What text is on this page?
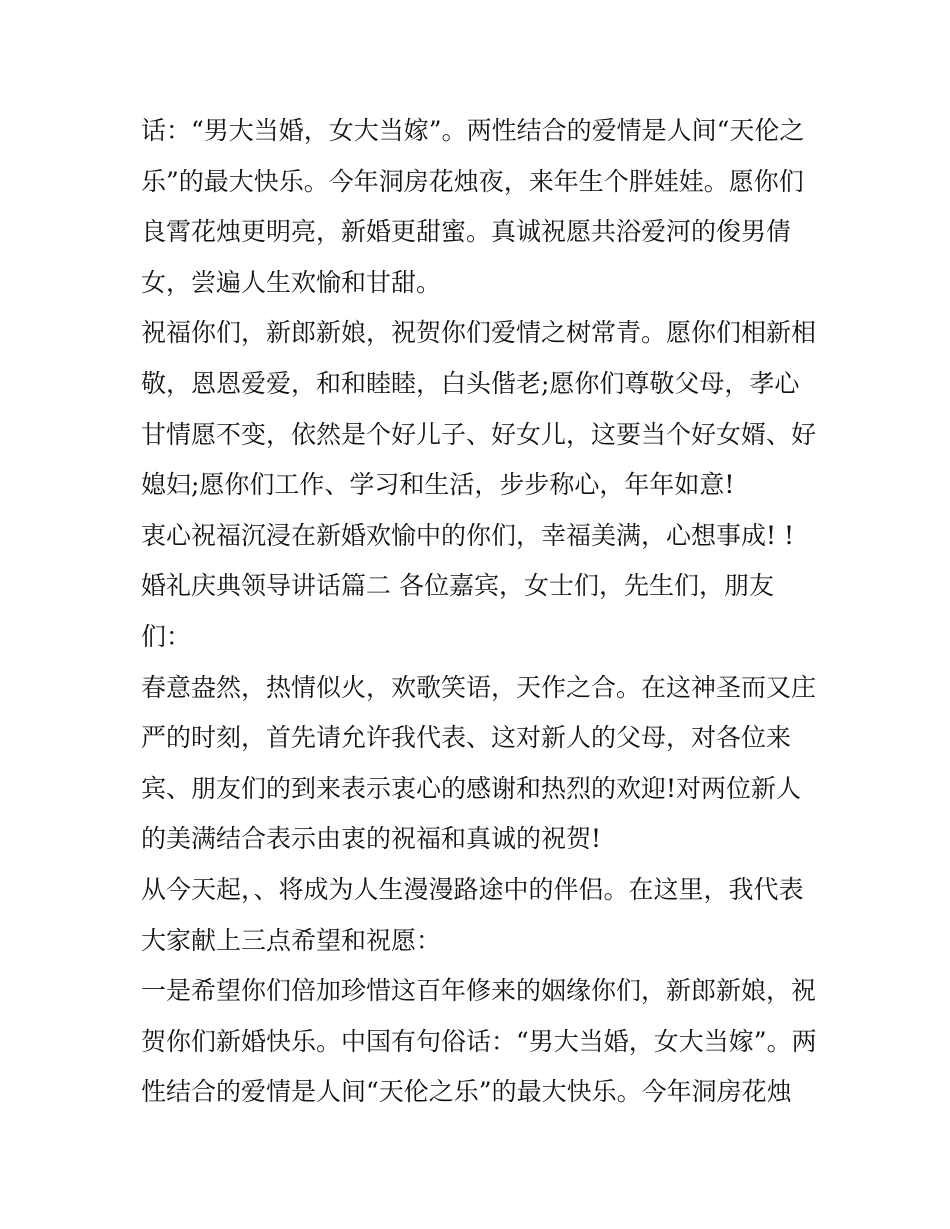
话：“男大当婚，女大当嫁”。两性结合的爱情是人间“天伦之
乐”的最大快乐。今年洞房花烛夜，来年生个胖娃娃。愿你们
良霄花烛更明亮，新婚更甜蜜。真诚祝愿共浴爱河的俊男倩
女，尝遍人生欢愉和甘甜。
祝福你们，新郎新娘，祝贺你们爱情之树常青。愿你们相新相
敬，恩恩爱爱，和和睦睦，白头偕老;愿你们尊敬父母，孝心
甘情愿不变，依然是个好儿子、好女儿，这要当个好女婿、好
媳妇;愿你们工作、学习和生活，步步称心，年年如意!
衷心祝福沉浸在新婚欢愉中的你们，幸福美满，心想事成! !
婚礼庆典领导讲话篇二 各位嘉宾，女士们，先生们，朋友
们：
春意盎然，热情似火，欢歌笑语，天作之合。在这神圣而又庄
严的时刻，首先请允许我代表、这对新人的父母，对各位来
宾、朋友们的到来表示衷心的感谢和热烈的欢迎!对两位新人
的美满结合表示由衷的祝福和真诚的祝贺!
从今天起，、将成为人生漫漫路途中的伴侣。在这里，我代表
大家献上三点希望和祝愿：
一是希望你们倍加珍惜这百年修来的姻缘你们，新郎新娘，祝
贺你们新婚快乐。中国有句俗话：“男大当婚，女大当嫁”。两
性结合的爱情是人间“天伦之乐”的最大快乐。今年洞房花烛
